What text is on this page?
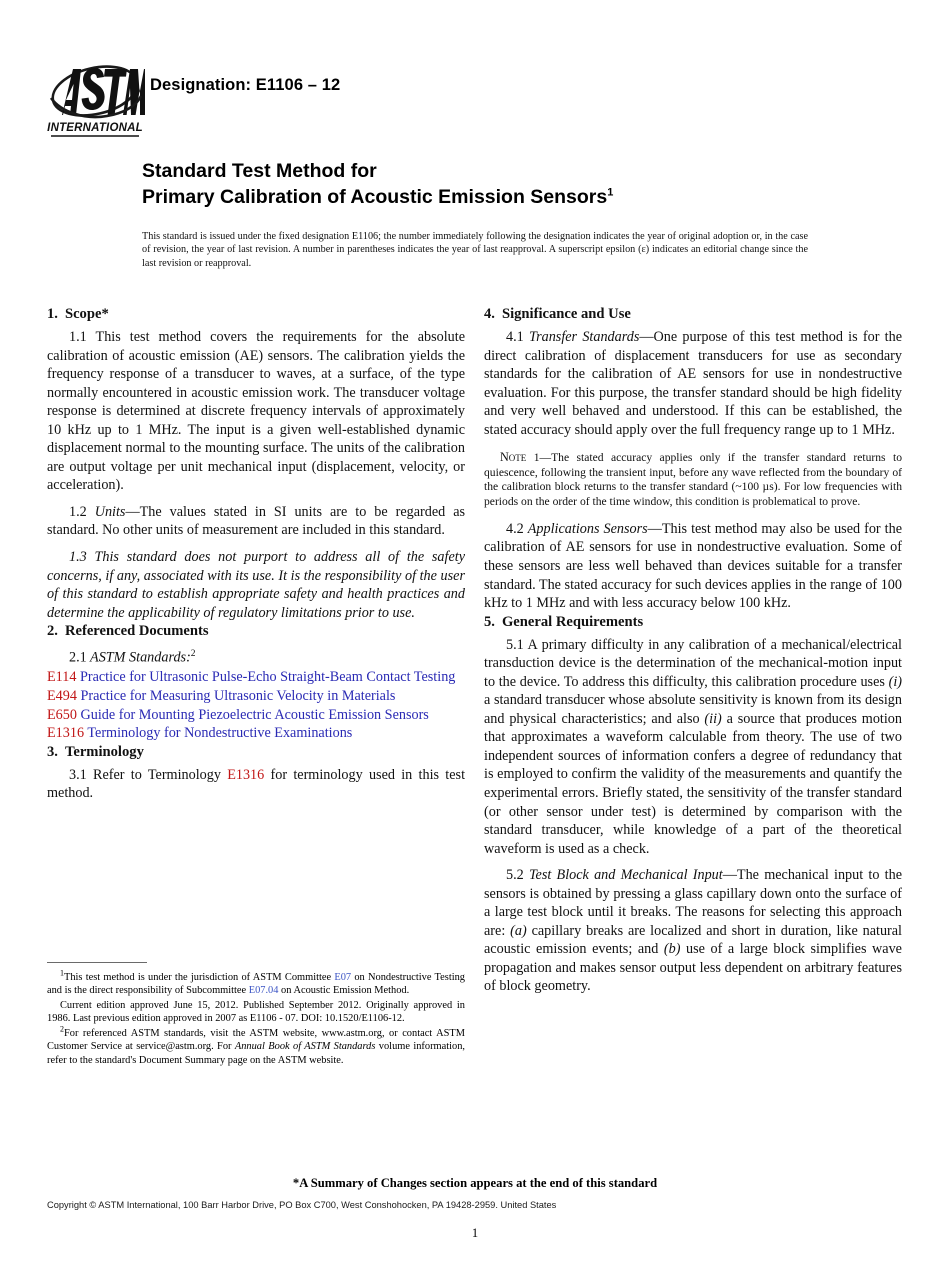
INTERNATIONAL
Designation: E1106 – 12
Standard Test Method for
Primary Calibration of Acoustic Emission Sensors$^1$
This standard is issued under the fixed designation E1106; the number immediately following the designation indicates the year of original adoption or, in the case of revision, the year of last revision. A number in parentheses indicates the year of last reapproval. A superscript epsilon (ε) indicates an editorial change since the last revision or reapproval.
1. Scope*

1.1 This test method covers the requirements for the absolute calibration of acoustic emission (AE) sensors. The calibration yields the frequency response of a transducer to waves, at a surface, of the type normally encountered in acoustic emission work. The transducer voltage response is determined at discrete frequency intervals of approximately 10 kHz up to 1 MHz. The input is a given well-established dynamic displacement normal to the mounting surface. The units of the calibration are output voltage per unit mechanical input (displacement, velocity, or acceleration).

1.2 Units—The values stated in SI units are to be regarded as standard. No other units of measurement are included in this standard.

1.3 This standard does not purport to address all of the safety concerns, if any, associated with its use. It is the responsibility of the user of this standard to establish appropriate safety and health practices and determine the applicability of regulatory limitations prior to use.

2. Referenced Documents

2.1 ASTM Standards:$^2$

E114 Practice for Ultrasonic Pulse-Echo Straight-Beam Contact Testing

E494 Practice for Measuring Ultrasonic Velocity in Materials

E650 Guide for Mounting Piezoelectric Acoustic Emission Sensors

E1316 Terminology for Nondestructive Examinations

3. Terminology

3.1 Refer to Terminology E1316 for terminology used in this test method.

4. Significance and Use

4.1 Transfer Standards—One purpose of this test method is for the direct calibration of displacement transducers for use as secondary standards for the calibration of AE sensors for use in nondestructive evaluation. For this purpose, the transfer standard should be high fidelity and very well behaved and understood. If this can be established, the stated accuracy should apply over the full frequency range up to 1 MHz.

Note 1—The stated accuracy applies only if the transfer standard returns to quiescence, following the transient input, before any wave reflected from the boundary of the calibration block returns to the transfer standard (~100 µs). For low frequencies with periods on the order of the time window, this condition is problematical to prove.

4.2 Applications Sensors—This test method may also be used for the calibration of AE sensors for use in nondestructive evaluation. Some of these sensors are less well behaved than devices suitable for a transfer standard. The stated accuracy for such devices applies in the range of 100 kHz to 1 MHz and with less accuracy below 100 kHz.

5. General Requirements

5.1 A primary difficulty in any calibration of a mechanical/electrical transduction device is the determination of the mechanical-motion input to the device. To address this difficulty, this calibration procedure uses (i) a standard transducer whose absolute sensitivity is known from its design and physical characteristics; and also (ii) a source that produces motion that approximates a waveform calculable from theory. The use of two independent sources of information confers a degree of redundancy that is employed to confirm the validity of the measurements and quantify the experimental errors. Briefly stated, the sensitivity of the transfer standard (or other sensor under test) is determined by comparison with the standard transducer, while knowledge of a part of the theoretical waveform is used as a check.

5.2 Test Block and Mechanical Input—The mechanical input to the sensors is obtained by pressing a glass capillary down onto the surface of a large test block until it breaks. The reasons for selecting this approach are: (a) capillary breaks are localized and short in duration, like natural acoustic emission events; and (b) use of a large block simplifies wave propagation and makes sensor output less dependent on arbitrary features of block geometry.

$^1$This test method is under the jurisdiction of ASTM Committee E07 on Nondestructive Testing and is the direct responsibility of Subcommittee E07.04 on Acoustic Emission Method.

Current edition approved June 15, 2012. Published September 2012. Originally approved in 1986. Last previous edition approved in 2007 as E1106 - 07. DOI: 10.1520/E1106-12.

$^2$For referenced ASTM standards, visit the ASTM website, www.astm.org, or contact ASTM Customer Service at service@astm.org. For Annual Book of ASTM Standards volume information, refer to the standard's Document Summary page on the ASTM website.

*A Summary of Changes section appears at the end of this standard
Copyright © ASTM International, 100 Barr Harbor Drive, PO Box C700, West Conshohocken, PA 19428-2959. United States
1
